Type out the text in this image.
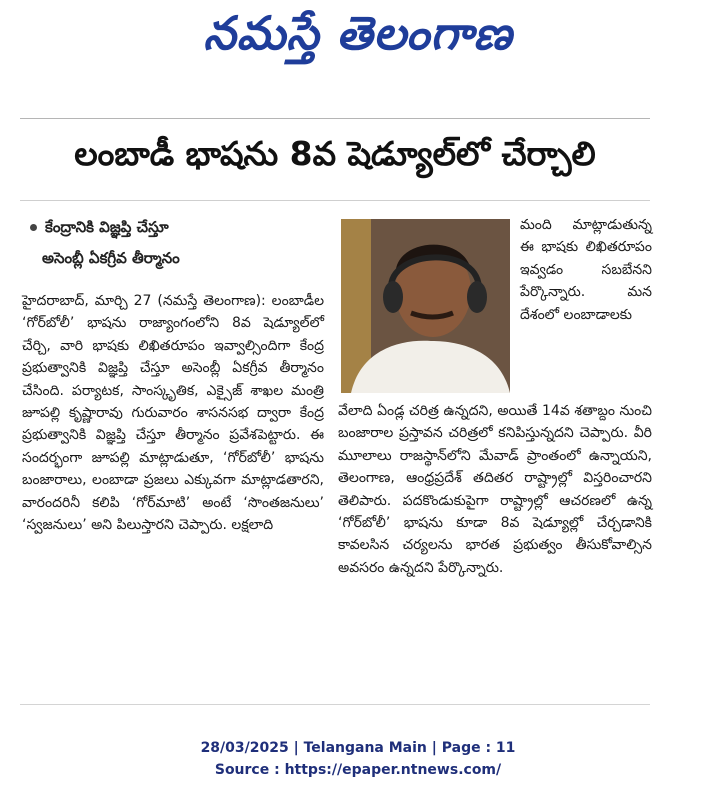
నమస్తే తెలంగాణ
లంబాడీ భాషను 8వ షెడ్యూల్‌లో చేర్చాలి
కేంద్రానికి విజ్ఞప్తి చేస్తూ
అసెంబ్లీ ఏకగ్రీవ తీర్మానం

హైదరాబాద్, మార్చి 27 (నమస్తే తెలంగాణ): లంబాడీల ‘గోర్‌బోలీ’ భాషను రాజ్యాంగంలోని 8వ షెడ్యూల్‌లో చేర్చి, వారి భాషకు లిఖితరూపం ఇవ్వాల్సిందిగా కేంద్ర ప్రభుత్వానికి విజ్ఞప్తి చేస్తూ అసెంబ్లీ ఏకగ్రీవ తీర్మానం చేసింది. పర్యాటక, సాంస్కృతిక, ఎక్సైజ్ శాఖల మంత్రి జూపల్లి కృష్ణారావు గురువారం శాసనసభ ద్వారా కేంద్ర ప్రభుత్వానికి విజ్ఞప్తి చేస్తూ తీర్మానం ప్రవేశపెట్టారు. ఈ సందర్భంగా జూపల్లి మాట్లాడుతూ, ‘గోర్‌బోలీ’ భాషను బంజారాలు, లంబాడా ప్రజలు ఎక్కువగా మాట్లాడతారని, వారందరినీ కలిపి ‘గోర్‌మాటి’ అంటే ‘సొంతజనులు’ ‘స్వజనులు’ అని పిలుస్తారని చెప్పారు. లక్షలాది

మంది మాట్లాడుతున్న ఈ భాషకు లిఖితరూపం ఇవ్వడం సబబేనని పేర్కొన్నారు. మన దేశంలో లంబాడాలకు

వేలాది ఏండ్ల చరిత్ర ఉన్నదని, అయితే 14వ శతాబ్దం నుంచి బంజారాల ప్రస్తావన చరిత్రలో కనిపిస్తున్నదని చెప్పారు. వీరి మూలాలు రాజస్థాన్‌లోని మేవాడ్ ప్రాంతంలో ఉన్నాయని, తెలంగాణ, ఆంధ్రప్రదేశ్ తదితర రాష్ట్రాల్లో విస్తరించారని తెలిపారు. పదకొండుకుపైగా రాష్ట్రాల్లో ఆచరణలో ఉన్న ‘గోర్‌బోలీ’ భాషను కూడా 8వ షెడ్యూల్లో చేర్చడానికి కావలసిన చర్యలను భారత ప్రభుత్వం తీసుకోవాల్సిన అవసరం ఉన్నదని పేర్కొన్నారు.

28/03/2025 | Telangana Main | Page : 11
Source : https://epaper.ntnews.com/
